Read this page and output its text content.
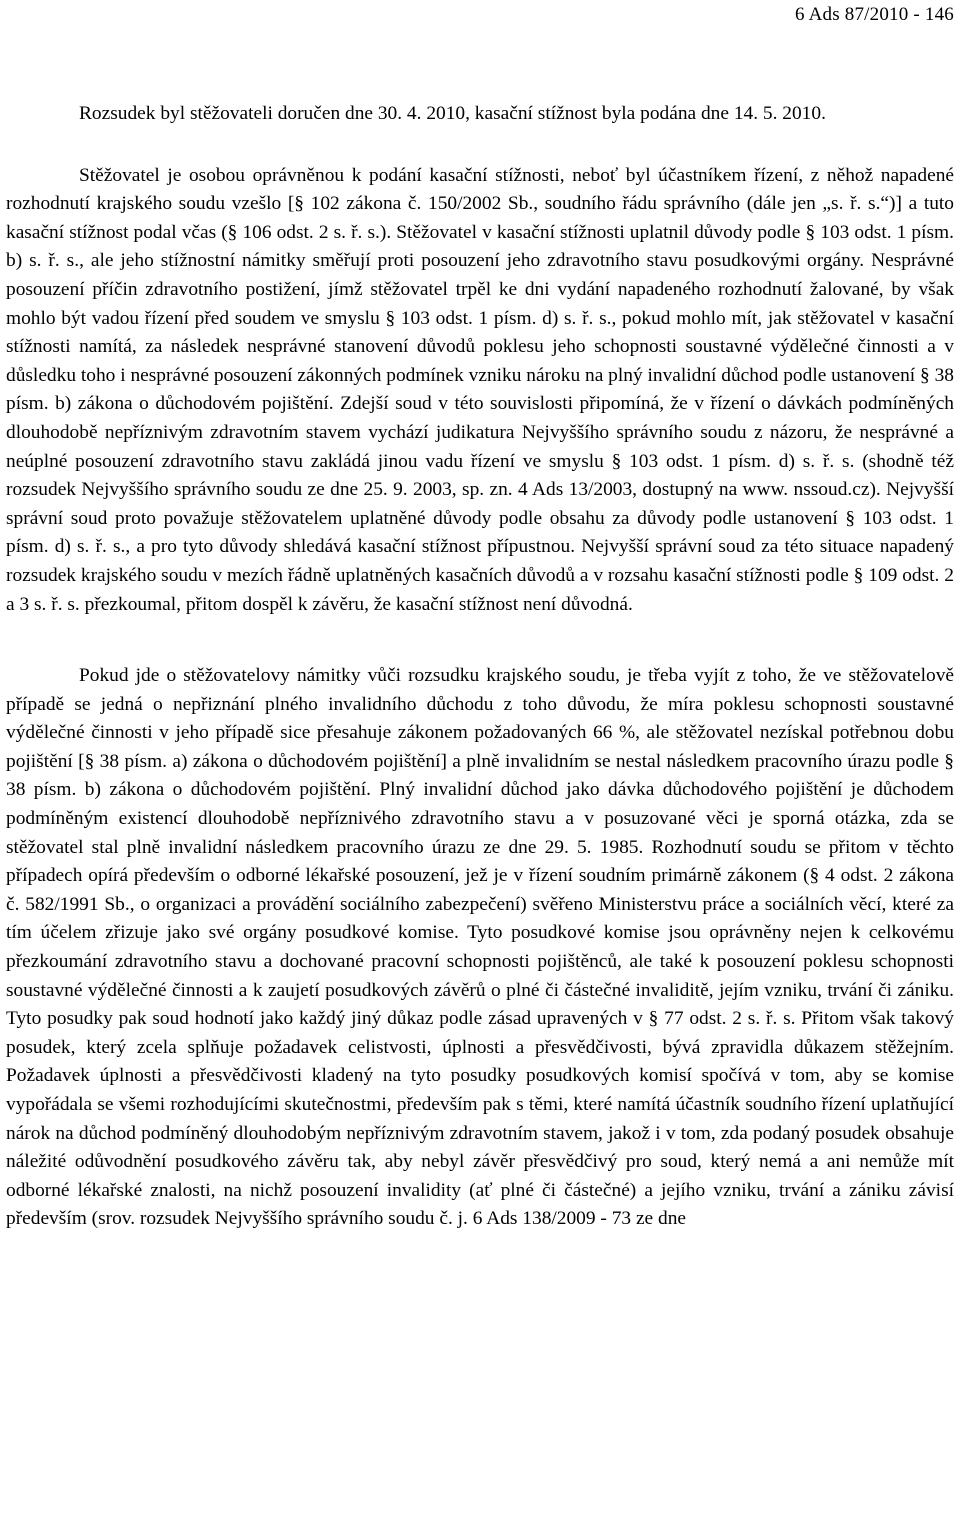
6 Ads 87/2010 - 146

Rozsudek byl stěžovateli doručen dne 30. 4. 2010, kasační stížnost byla podána dne 14. 5. 2010.

Stěžovatel je osobou oprávněnou k podání kasační stížnosti, neboť byl účastníkem řízení, z něhož napadené rozhodnutí krajského soudu vzešlo [§ 102 zákona č. 150/2002 Sb., soudního řádu správního (dále jen „s. ř. s.“)] a tuto kasační stížnost podal včas (§ 106 odst. 2 s. ř. s.). Stěžovatel v kasační stížnosti uplatnil důvody podle § 103 odst. 1 písm. b) s. ř. s., ale jeho stížnostní námitky směřují proti posouzení jeho zdravotního stavu posudkovými orgány. Nesprávné posouzení příčin zdravotního postižení, jímž stěžovatel trpěl ke dni vydání napadeného rozhodnutí žalované, by však mohlo být vadou řízení před soudem ve smyslu § 103 odst. 1 písm. d) s. ř. s., pokud mohlo mít, jak stěžovatel v kasační stížnosti namítá, za následek nesprávné stanovení důvodů poklesu jeho schopnosti soustavné výdělečné činnosti a v důsledku toho i nesprávné posouzení zákonných podmínek vzniku nároku na plný invalidní důchod podle ustanovení § 38 písm. b) zákona o důchodovém pojištění. Zdejší soud v této souvislosti připomíná, že v řízení o dávkách podmíněných dlouhodobě nepříznivým zdravotním stavem vychází judikatura Nejvyššího správního soudu z názoru, že nesprávné a neúplné posouzení zdravotního stavu zakládá jinou vadu řízení ve smyslu § 103 odst. 1 písm. d) s. ř. s. (shodně též rozsudek Nejvyššího správního soudu ze dne 25. 9. 2003, sp. zn. 4 Ads 13/2003, dostupný na www. nssoud.cz). Nejvyšší správní soud proto považuje stěžovatelem uplatněné důvody podle obsahu za důvody podle ustanovení § 103 odst. 1 písm. d) s. ř. s., a pro tyto důvody shledává kasační stížnost přípustnou. Nejvyšší správní soud za této situace napadený rozsudek krajského soudu v mezích řádně uplatněných kasačních důvodů a v rozsahu kasační stížnosti podle § 109 odst. 2 a 3 s. ř. s. přezkoumal, přitom dospěl k závěru, že kasační stížnost není důvodná.

Pokud jde o stěžovatelovy námitky vůči rozsudku krajského soudu, je třeba vyjít z toho, že ve stěžovatelově případě se jedná o nepřiznání plného invalidního důchodu z toho důvodu, že míra poklesu schopnosti soustavné výdělečné činnosti v jeho případě sice přesahuje zákonem požadovaných 66 %, ale stěžovatel nezískal potřebnou dobu pojištění [§ 38 písm. a) zákona o důchodovém pojištění] a plně invalidním se nestal následkem pracovního úrazu podle § 38 písm. b) zákona o důchodovém pojištění. Plný invalidní důchod jako dávka důchodového pojištění je důchodem podmíněným existencí dlouhodobě nepříznivého zdravotního stavu a v posuzované věci je sporná otázka, zda se stěžovatel stal plně invalidní následkem pracovního úrazu ze dne 29. 5. 1985. Rozhodnutí soudu se přitom v těchto případech opírá především o odborné lékařské posouzení, jež je v řízení soudním primárně zákonem (§ 4 odst. 2 zákona č. 582/1991 Sb., o organizaci a provádění sociálního zabezpečení) svěřeno Ministerstvu práce a sociálních věcí, které za tím účelem zřizuje jako své orgány posudkové komise. Tyto posudkové komise jsou oprávněny nejen k celkovému přezkoumání zdravotního stavu a dochované pracovní schopnosti pojištěnců, ale také k posouzení poklesu schopnosti soustavné výdělečné činnosti a k zaujetí posudkových závěrů o plné či částečné invaliditě, jejím vzniku, trvání či zániku. Tyto posudky pak soud hodnotí jako každý jiný důkaz podle zásad upravených v § 77 odst. 2 s. ř. s. Přitom však takový posudek, který zcela splňuje požadavek celistvosti, úplnosti a přesvědčivosti, bývá zpravidla důkazem stěžejním. Požadavek úplnosti a přesvědčivosti kladený na tyto posudky posudkových komisí spočívá v tom, aby se komise vypořádala se všemi rozhodujícími skutečnostmi, především pak s těmi, které namítá účastník soudního řízení uplatňující nárok na důchod podmíněný dlouhodobým nepříznivým zdravotním stavem, jakož i v tom, zda podaný posudek obsahuje náležité odůvodnění posudkového závěru tak, aby nebyl závěr přesvědčivý pro soud, který nemá a ani nemůže mít odborné lékařské znalosti, na nichž posouzení invalidity (ať plné či částečné) a jejího vzniku, trvání a zániku závisí především (srov. rozsudek Nejvyššího správního soudu č. j. 6 Ads 138/2009 - 73 ze dne
